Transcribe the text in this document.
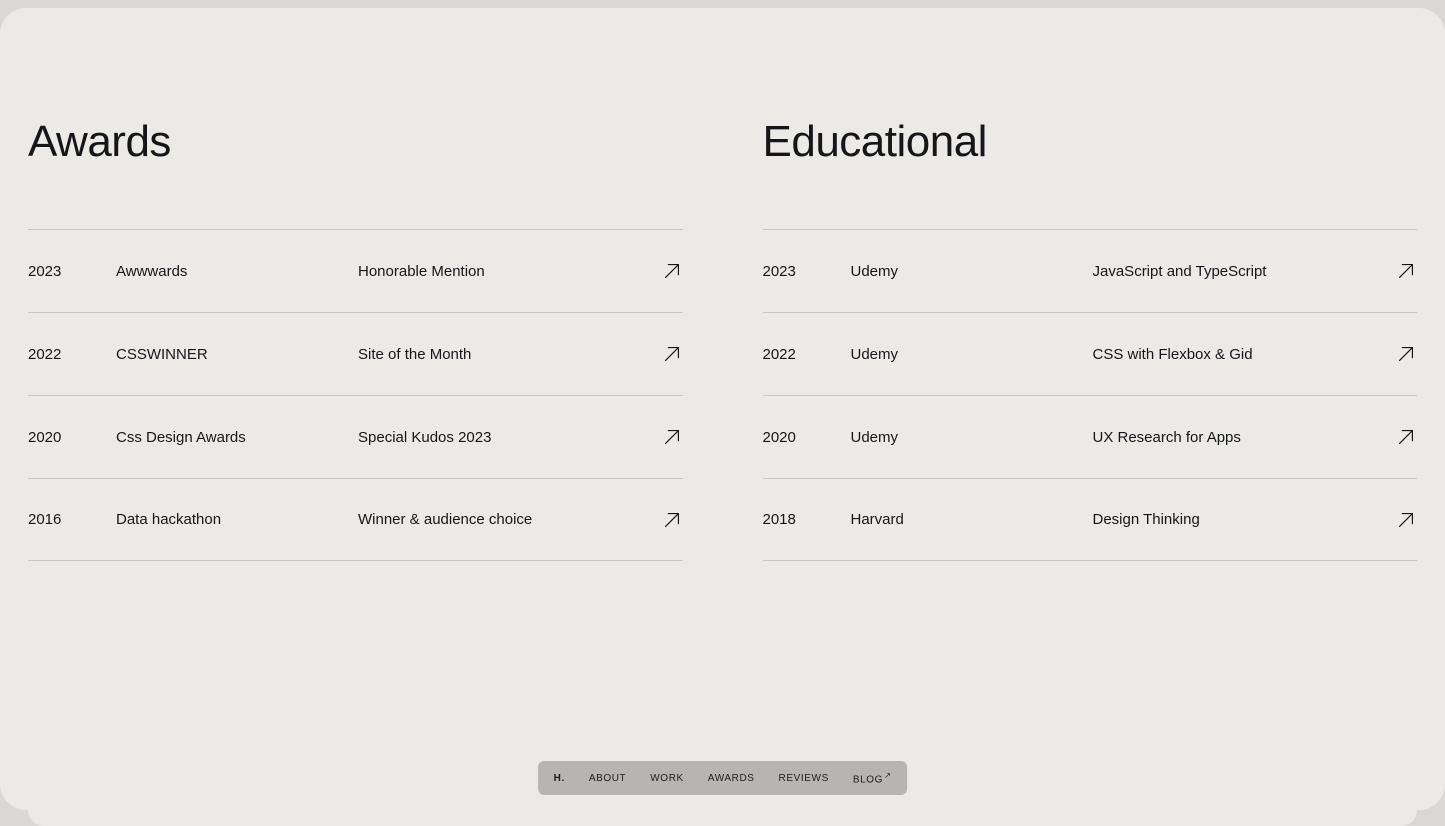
Awards
2023	Awwwards	Honorable Mention
2022	CSSWINNER	Site of the Month
2020	Css Design Awards	Special Kudos 2023
2016	Data hackathon	Winner & audience choice
Educational
2023	Udemy	JavaScript and TypeScript
2022	Udemy	CSS with Flexbox & Gid
2020	Udemy	UX Research for Apps
2018	Harvard	Design Thinking
H. ABOUT WORK AWARDS REVIEWS BLOG↗
